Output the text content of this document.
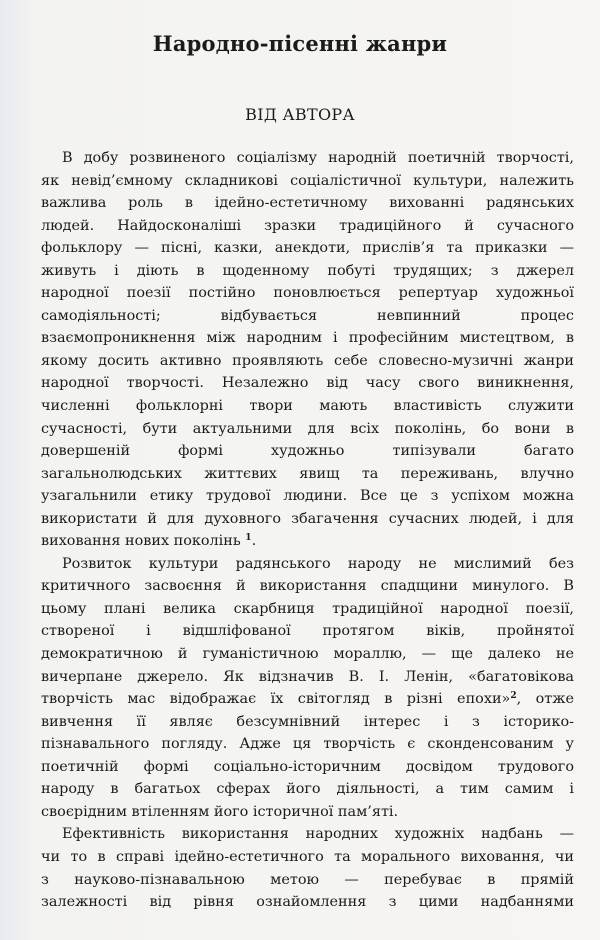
Народно-пісенні жанри
ВІД АВТОРА
В добу розвиненого соціалізму народній поетичній творчості,
як невід’ємному складникові соціалістичної культури, належить
важлива роль в ідейно-естетичному вихованні радянських
людей. Найдосконаліші зразки традиційного й сучасного
фольклору — пісні, казки, анекдоти, прислів’я та приказки —
живуть і діють в щоденному побуті трудящих; з джерел
народної поезії постійно поновлюється репертуар художньої
самодіяльності; відбувається невпинний процес
взаємопроникнення між народним і професійним мистецтвом, в
якому досить активно проявляють себе словесно-музичні жанри
народної творчості. Незалежно від часу свого виникнення,
численні фольклорні твори мають властивість служити
сучасності, бути актуальними для всіх поколінь, бо вони в
довершеній формі художньо типізували багато
загальнолюдських життєвих явищ та переживань, влучно
узагальнили етику трудової людини. Все це з успіхом можна
використати й для духовного збагачення сучасних людей, і для
виховання нових поколінь $^1$.
Розвиток культури радянського народу не мислимий без
критичного засвоєння й використання спадщини минулого. В
цьому плані велика скарбниця традиційної народної поезії,
створеної і відшліфованої протягом віків, пройнятої
демократичною й гуманістичною мораллю, — ще далеко не
вичерпане джерело. Як відзначив В. І. Ленін, «багатовікова
творчість мас відображає їх світогляд в різні епохи»$^2$, отже
вивчення її являє безсумнівний інтерес і з історико-
пізнавального погляду. Адже ця творчість є сконденсованим у
поетичній формі соціально-історичним досвідом трудового
народу в багатьох сферах його діяльності, а тим самим і
своєрідним втіленням його історичної пам’яті.
Ефективність використання народних художніх надбань —
чи то в справі ідейно-естетичного та морального виховання, чи
з науково-пізнавальною метою — перебуває в прямій
залежності від рівня ознайомлення з цими надбаннями
